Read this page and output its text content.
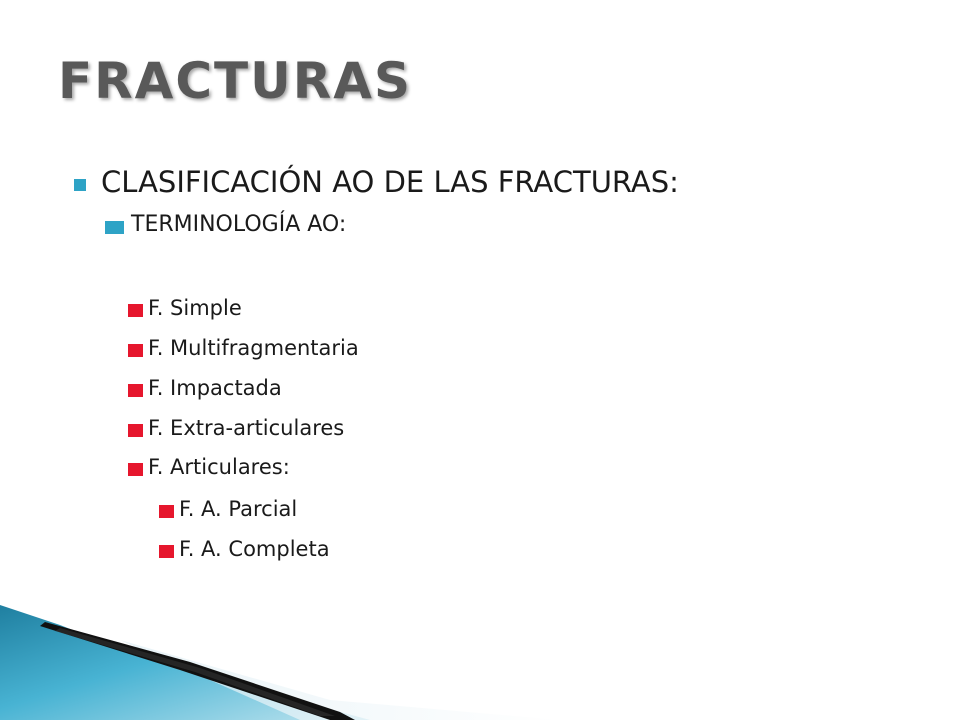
FRACTURAS
CLASIFICACIÓN AO DE LAS FRACTURAS:
TERMINOLOGÍA AO:
F. Simple
F. Multifragmentaria
F. Impactada
F. Extra-articulares
F. Articulares:
F. A. Parcial
F. A. Completa
